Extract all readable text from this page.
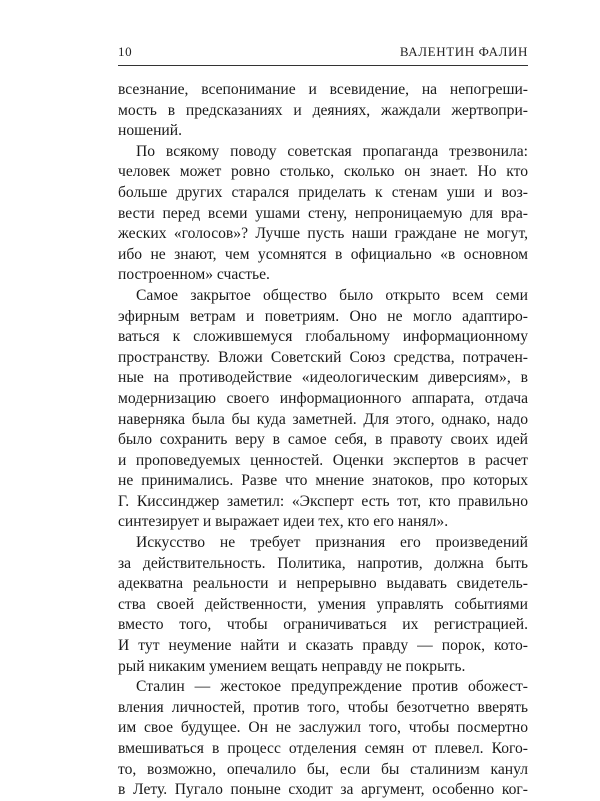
10	ВАЛЕНТИН ФАЛИН
всезнание, всепонимание и всевидение, на непогреши-
мость в предсказаниях и деяниях, жаждали жертвопри-
ношений.
По всякому поводу советская пропаганда трезвонила:
человек может ровно столько, сколько он знает. Но кто
больше других старался приделать к стенам уши и воз-
вести перед всеми ушами стену, непроницаемую для вра-
жеских «голосов»? Лучше пусть наши граждане не могут,
ибо не знают, чем усомнятся в официально «в основном
построенном» счастье.
Самое закрытое общество было открыто всем семи
эфирным ветрам и поветриям. Оно не могло адаптиро-
ваться к сложившемуся глобальному информационному
пространству. Вложи Советский Союз средства, потрачен-
ные на противодействие «идеологическим диверсиям», в
модернизацию своего информационного аппарата, отдача
наверняка была бы куда заметней. Для этого, однако, надо
было сохранить веру в самое себя, в правоту своих идей
и проповедуемых ценностей. Оценки экспертов в расчет
не принимались. Разве что мнение знатоков, про которых
Г. Киссинджер заметил: «Эксперт есть тот, кто правильно
синтезирует и выражает идеи тех, кто его нанял».
Искусство не требует признания его произведений
за действительность. Политика, напротив, должна быть
адекватна реальности и непрерывно выдавать свидетель-
ства своей действенности, умения управлять событиями
вместо того, чтобы ограничиваться их регистрацией.
И тут неумение найти и сказать правду — порок, кото-
рый никаким умением вещать неправду не покрыть.
Сталин — жестокое предупреждение против обожест-
вления личностей, против того, чтобы безотчетно вверять
им свое будущее. Он не заслужил того, чтобы посмертно
вмешиваться в процесс отделения семян от плевел. Кого-
то, возможно, опечалило бы, если бы сталинизм канул
в Лету. Пугало поныне сходит за аргумент, особенно ког-
